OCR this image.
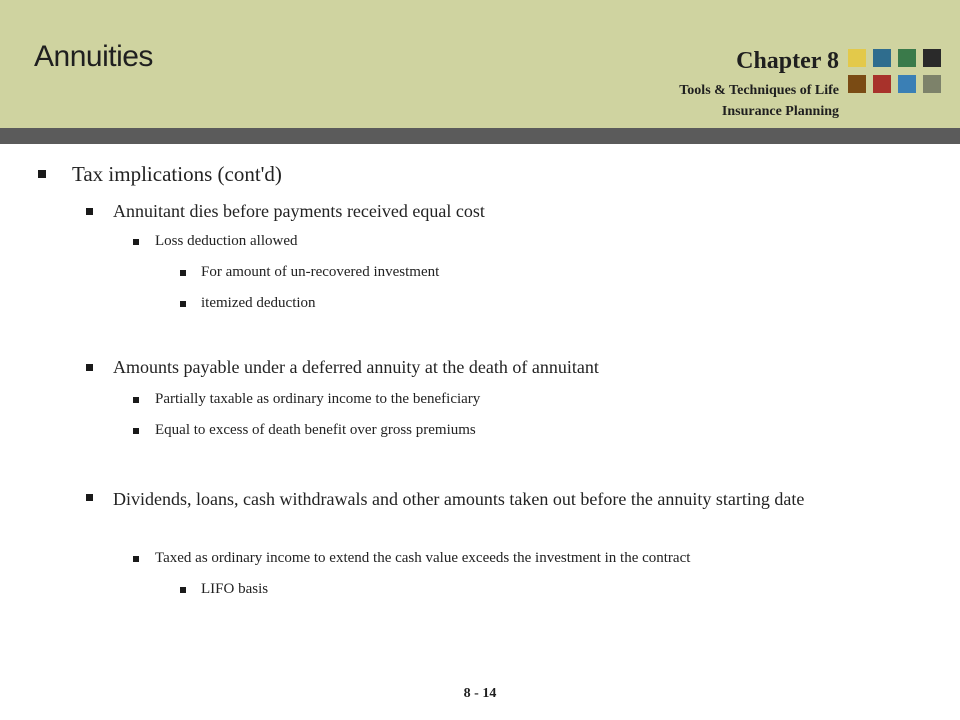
Annuities	Chapter 8
Tools & Techniques of Life
Insurance Planning
Tax implications (cont'd)
Annuitant dies before payments received equal cost
Loss deduction allowed
For amount of un-recovered investment
itemized deduction
Amounts payable under a deferred annuity at the death of annuitant
Partially taxable as ordinary income to the beneficiary
Equal to excess of death benefit over gross premiums
Dividends, loans, cash withdrawals and other amounts taken out before the annuity starting date
Taxed as ordinary income to extend the cash value exceeds the investment in the contract
LIFO basis
8 - 14
